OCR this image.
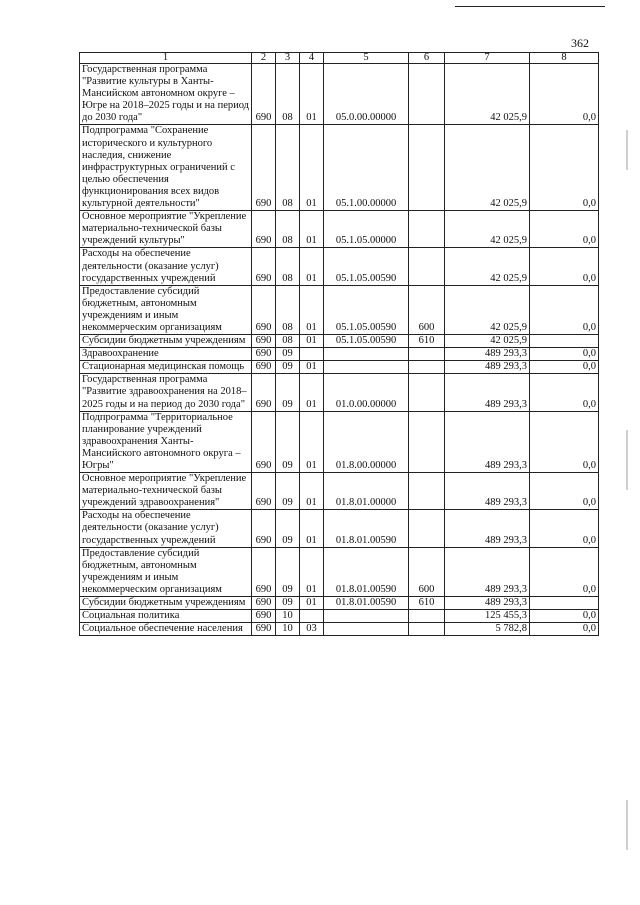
362
1	2	3	4	5	6	7	8
Государственная программа "Развитие культуры в Ханты-Мансийском автономном округе – Югре на 2018–2025 годы и на период до 2030 года"	690	08	01	05.0.00.00000		42 025,9	0,0
Подпрограмма "Сохранение исторического и культурного наследия, снижение инфраструктурных ограничений с целью обеспечения функционирования всех видов культурной деятельности"	690	08	01	05.1.00.00000		42 025,9	0,0
Основное мероприятие "Укрепление материально-технической базы учреждений культуры"	690	08	01	05.1.05.00000		42 025,9	0,0
Расходы на обеспечение деятельности (оказание услуг) государственных учреждений	690	08	01	05.1.05.00590		42 025,9	0,0
Предоставление субсидий бюджетным, автономным учреждениям и иным некоммерческим организациям	690	08	01	05.1.05.00590	600	42 025,9	0,0
Субсидии бюджетным учреждениям	690	08	01	05.1.05.00590	610	42 025,9	
Здравоохранение	690	09				489 293,3	0,0
Стационарная медицинская помощь	690	09	01			489 293,3	0,0
Государственная программа "Развитие здравоохранения на 2018–2025 годы и на период до 2030 года"	690	09	01	01.0.00.00000		489 293,3	0,0
Подпрограмма "Территориальное планирование учреждений здравоохранения Ханты-Мансийского автономного округа – Югры"	690	09	01	01.8.00.00000		489 293,3	0,0
Основное мероприятие "Укрепление материально-технической базы учреждений здравоохранения"	690	09	01	01.8.01.00000		489 293,3	0,0
Расходы на обеспечение деятельности (оказание услуг) государственных учреждений	690	09	01	01.8.01.00590		489 293,3	0,0
Предоставление субсидий бюджетным, автономным учреждениям и иным некоммерческим организациям	690	09	01	01.8.01.00590	600	489 293,3	0,0
Субсидии бюджетным учреждениям	690	09	01	01.8.01.00590	610	489 293,3	
Социальная политика	690	10				125 455,3	0,0
Социальное обеспечение населения	690	10	03			5 782,8	0,0
